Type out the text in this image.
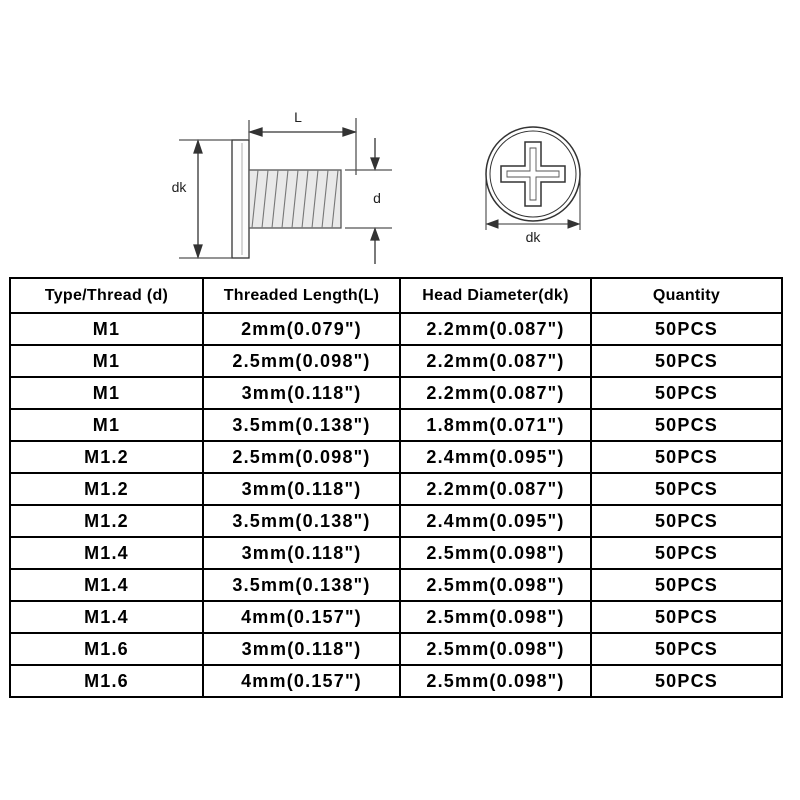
L
dk
d
dk
Type/Thread (d)	Threaded Length(L)	Head Diameter(dk)	Quantity
M1	2mm(0.079")	2.2mm(0.087")	50PCS
M1	2.5mm(0.098")	2.2mm(0.087")	50PCS
M1	3mm(0.118")	2.2mm(0.087")	50PCS
M1	3.5mm(0.138")	1.8mm(0.071")	50PCS
M1.2	2.5mm(0.098")	2.4mm(0.095")	50PCS
M1.2	3mm(0.118")	2.2mm(0.087")	50PCS
M1.2	3.5mm(0.138")	2.4mm(0.095")	50PCS
M1.4	3mm(0.118")	2.5mm(0.098")	50PCS
M1.4	3.5mm(0.138")	2.5mm(0.098")	50PCS
M1.4	4mm(0.157")	2.5mm(0.098")	50PCS
M1.6	3mm(0.118")	2.5mm(0.098")	50PCS
M1.6	4mm(0.157")	2.5mm(0.098")	50PCS
